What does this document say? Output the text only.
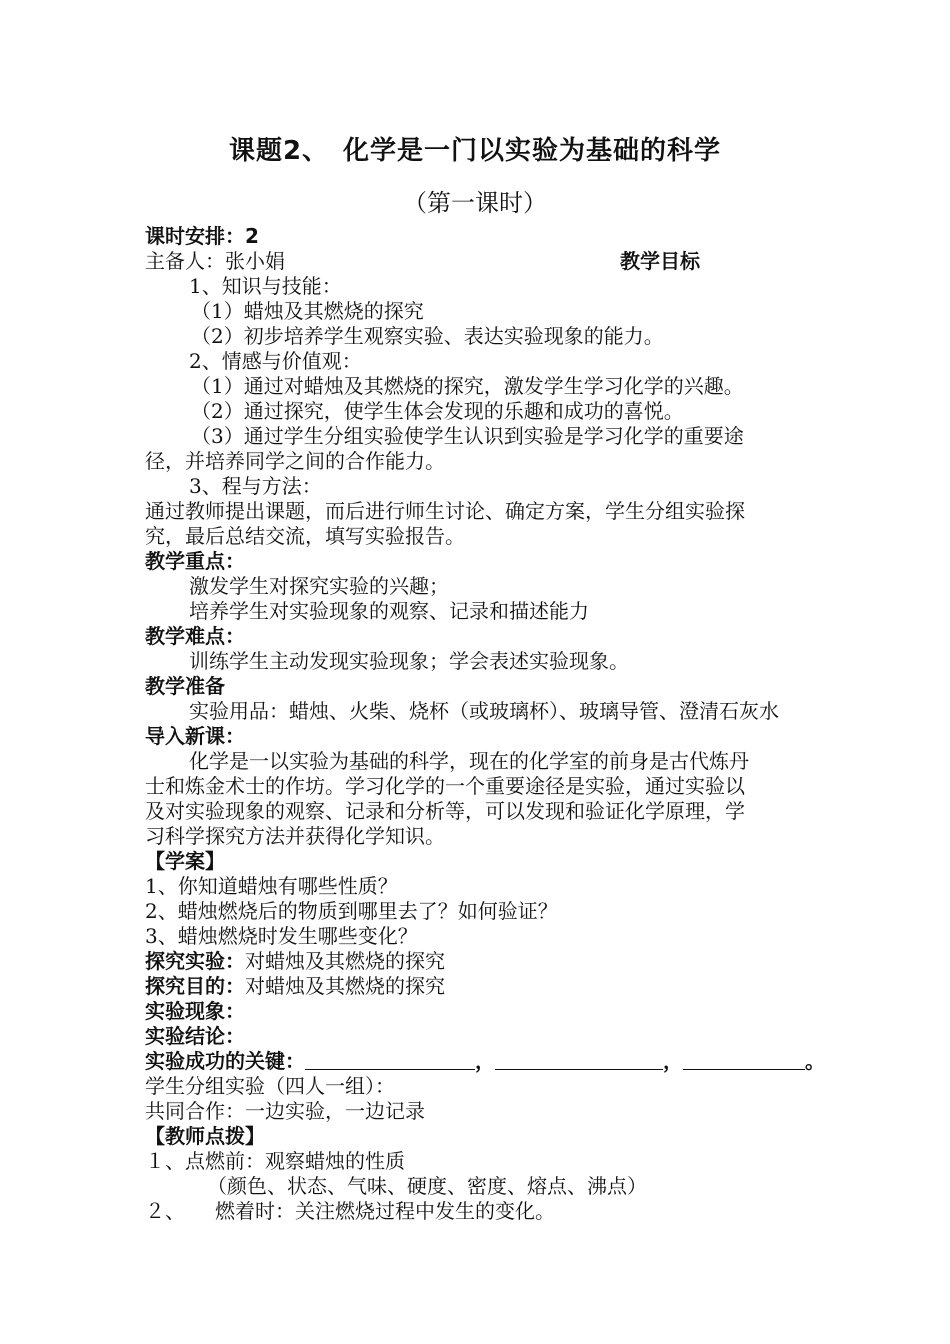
课题2、　化学是一门以实验为基础的科学
（第一课时）
课时安排：2
主备人：张小娟	教学目标
1、知识与技能：
（1）蜡烛及其燃烧的探究
（2）初步培养学生观察实验、表达实验现象的能力。
2、情感与价值观：
（1）通过对蜡烛及其燃烧的探究，激发学生学习化学的兴趣。
（2）通过探究，使学生体会发现的乐趣和成功的喜悦。
（3）通过学生分组实验使学生认识到实验是学习化学的重要途
径，并培养同学之间的合作能力。
3、程与方法：
通过教师提出课题，而后进行师生讨论、确定方案，学生分组实验探
究，最后总结交流，填写实验报告。
教学重点：
激发学生对探究实验的兴趣；
培养学生对实验现象的观察、记录和描述能力
教学难点：
训练学生主动发现实验现象；学会表述实验现象。
教学准备
实验用品：蜡烛、火柴、烧杯（或玻璃杯）、玻璃导管、澄清石灰水
导入新课：
化学是一以实验为基础的科学，现在的化学室的前身是古代炼丹
士和炼金术士的作坊。学习化学的一个重要途径是实验，通过实验以
及对实验现象的观察、记录和分析等，可以发现和验证化学原理，学
习科学探究方法并获得化学知识。
【学案】
1、你知道蜡烛有哪些性质？
2、蜡烛燃烧后的物质到哪里去了？如何验证？
3、蜡烛燃烧时发生哪些变化？
探究实验：对蜡烛及其燃烧的探究
探究目的：对蜡烛及其燃烧的探究
实验现象：
实验结论：
实验成功的关键：	，	，	。
学生分组实验（四人一组）：
共同合作：一边实验，一边记录
【教师点拨】
１、点燃前：观察蜡烛的性质
（颜色、状态、气味、硬度、密度、熔点、沸点）
２、　　燃着时：关注燃烧过程中发生的变化。
